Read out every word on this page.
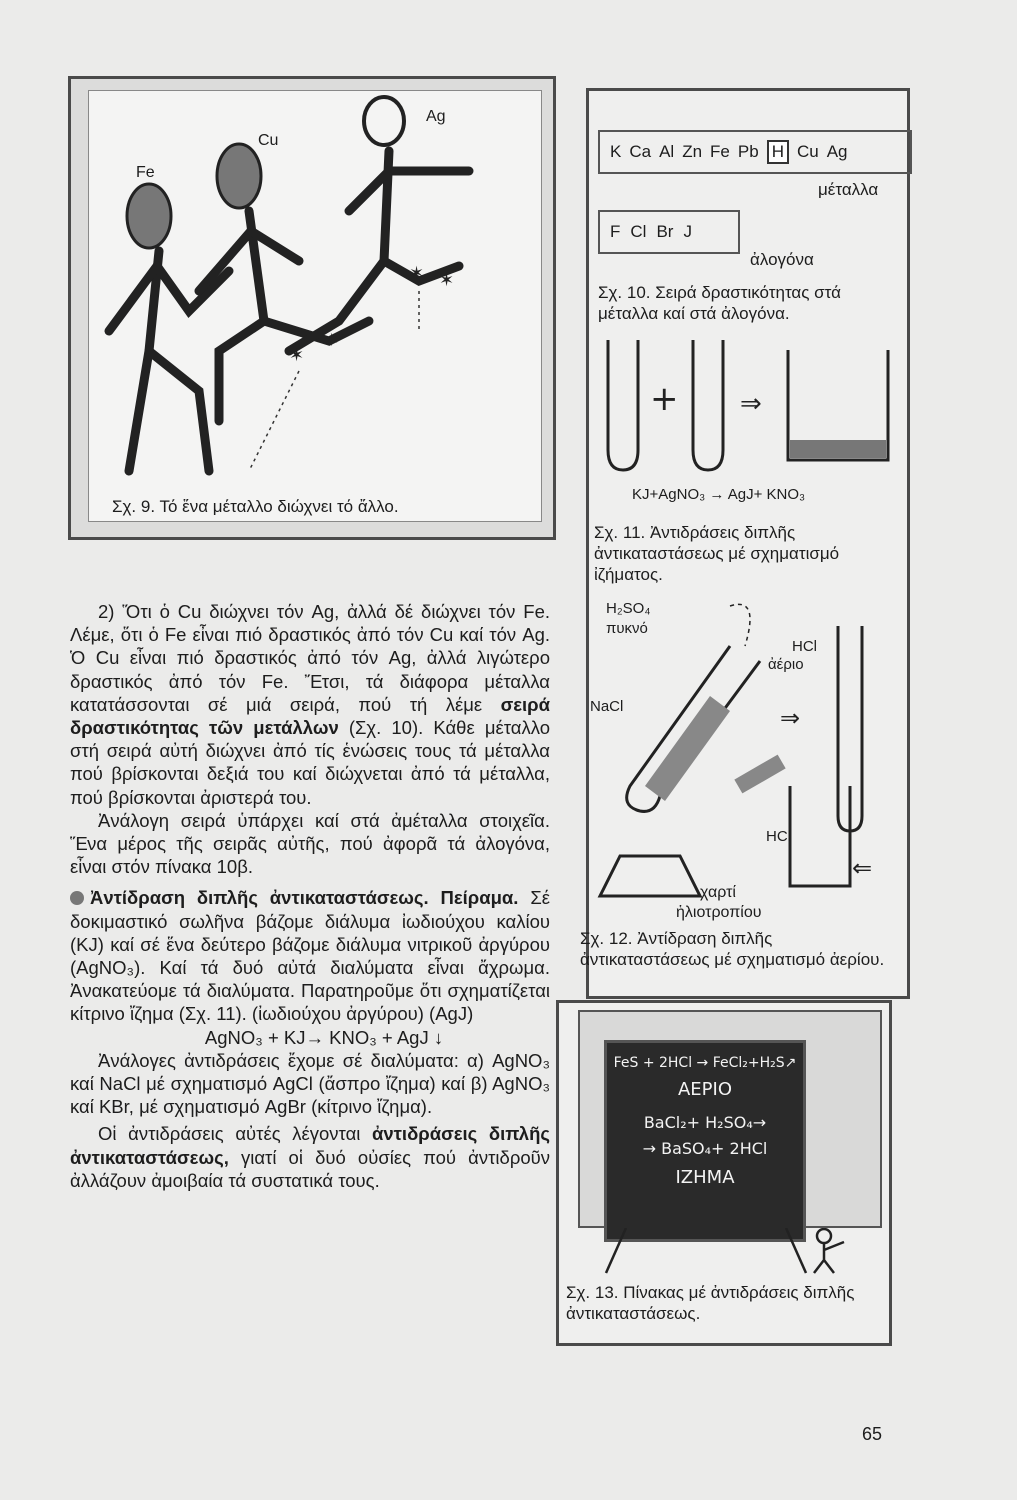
✶
✶
✶
✶
Fe
Cu
Ag
Σχ. 9. Τό ἕνα μέταλλο διώχνει τό ἄλλο.
K Ca Al Zn Fe Pb H Cu Ag
μέταλλα
F Cl Br J
ἀλογόνα
Σχ. 10. Σειρά δραστικότητας στά μέταλλα καί στά ἀλογόνα.
+ ⇒
KJ+AgNO₃ → AgJ+ KNO₃
Σχ. 11. Ἀντιδράσεις διπλῆς ἀντικαταστάσεως μέ σχηματισμό ἰζήματος.
⇒
⇐
H₂SO₄
πυκνό
HCl
ἀέριο
NaCl
HCl
χαρτί
ἡλιοτροπίου
Σχ. 12. Ἀντίδραση διπλῆς ἀντικαταστάσεως μέ σχηματισμό ἀερίου.
FeS + 2HCl → FeCl₂+H₂S↗
ΑΕΡΙΟ
BaCl₂+ H₂SO₄→
→ BaSO₄+ 2HCl
ΙΖΗΜΑ
Σχ. 13. Πίνακας μέ ἀντιδράσεις διπλῆς ἀντικαταστάσεως.

2) Ὅτι ὁ Cu διώχνει τόν Ag, ἀλλά δέ διώχνει τόν Fe. Λέμε, ὅτι ὁ Fe εἶναι πιό δραστικός ἀπό τόν Cu καί τόν Ag. Ὁ Cu εἶναι πιό δραστικός ἀπό τόν Ag, ἀλλά λιγώτερο δραστικός ἀπό τόν Fe. Ἔτσι, τά διάφορα μέταλλα κατατάσσονται σέ μιά σειρά, πού τή λέμε σειρά δραστικότητας τῶν μετάλλων (Σχ. 10). Κάθε μέταλλο στή σειρά αὐτή διώχνει ἀπό τίς ἑνώσεις τους τά μέταλλα πού βρίσκονται δεξιά του καί διώχνεται ἀπό τά μέταλλα, πού βρίσκονται ἀριστερά του.

Ἀνάλογη σειρά ὑπάρχει καί στά ἀμέταλλα στοιχεῖα. Ἕνα μέρος τῆς σειρᾶς αὐτῆς, πού ἀφορᾶ τά ἀλογόνα, εἶναι στόν πίνακα 10β.

Ἀντίδραση διπλῆς ἀντικαταστάσεως. Πείραμα. Σέ δοκιμαστικό σωλῆνα βάζομε διάλυμα ἰωδιούχου καλίου (KJ) καί σέ ἕνα δεύτερο βάζομε διάλυμα νιτρικοῦ ἀργύρου (AgNO₃). Καί τά δυό αὐτά διαλύματα εἶναι ἄχρωμα. Ἀνακατεύομε τά διαλύματα. Παρατηροῦμε ὅτι σχηματίζεται κίτρινο ἴζημα (Σχ. 11). (ἰωδιούχου ἀργύρου) (AgJ)

AgNO₃ + KJ→ KNO₃ + AgJ ↓

Ἀνάλογες ἀντιδράσεις ἔχομε σέ διαλύματα: α) AgNO₃ καί NaCl μέ σχηματισμό AgCl (ἄσπρο ἴζημα) καί β) AgNO₃ καί KBr, μέ σχηματισμό AgBr (κίτρινο ἴζημα).

Οἱ ἀντιδράσεις αὐτές λέγονται ἀντιδράσεις διπλῆς ἀντικαταστάσεως, γιατί οἱ δυό οὐσίες πού ἀντιδροῦν ἀλλάζουν ἀμοιβαία τά συστατικά τους.

65
